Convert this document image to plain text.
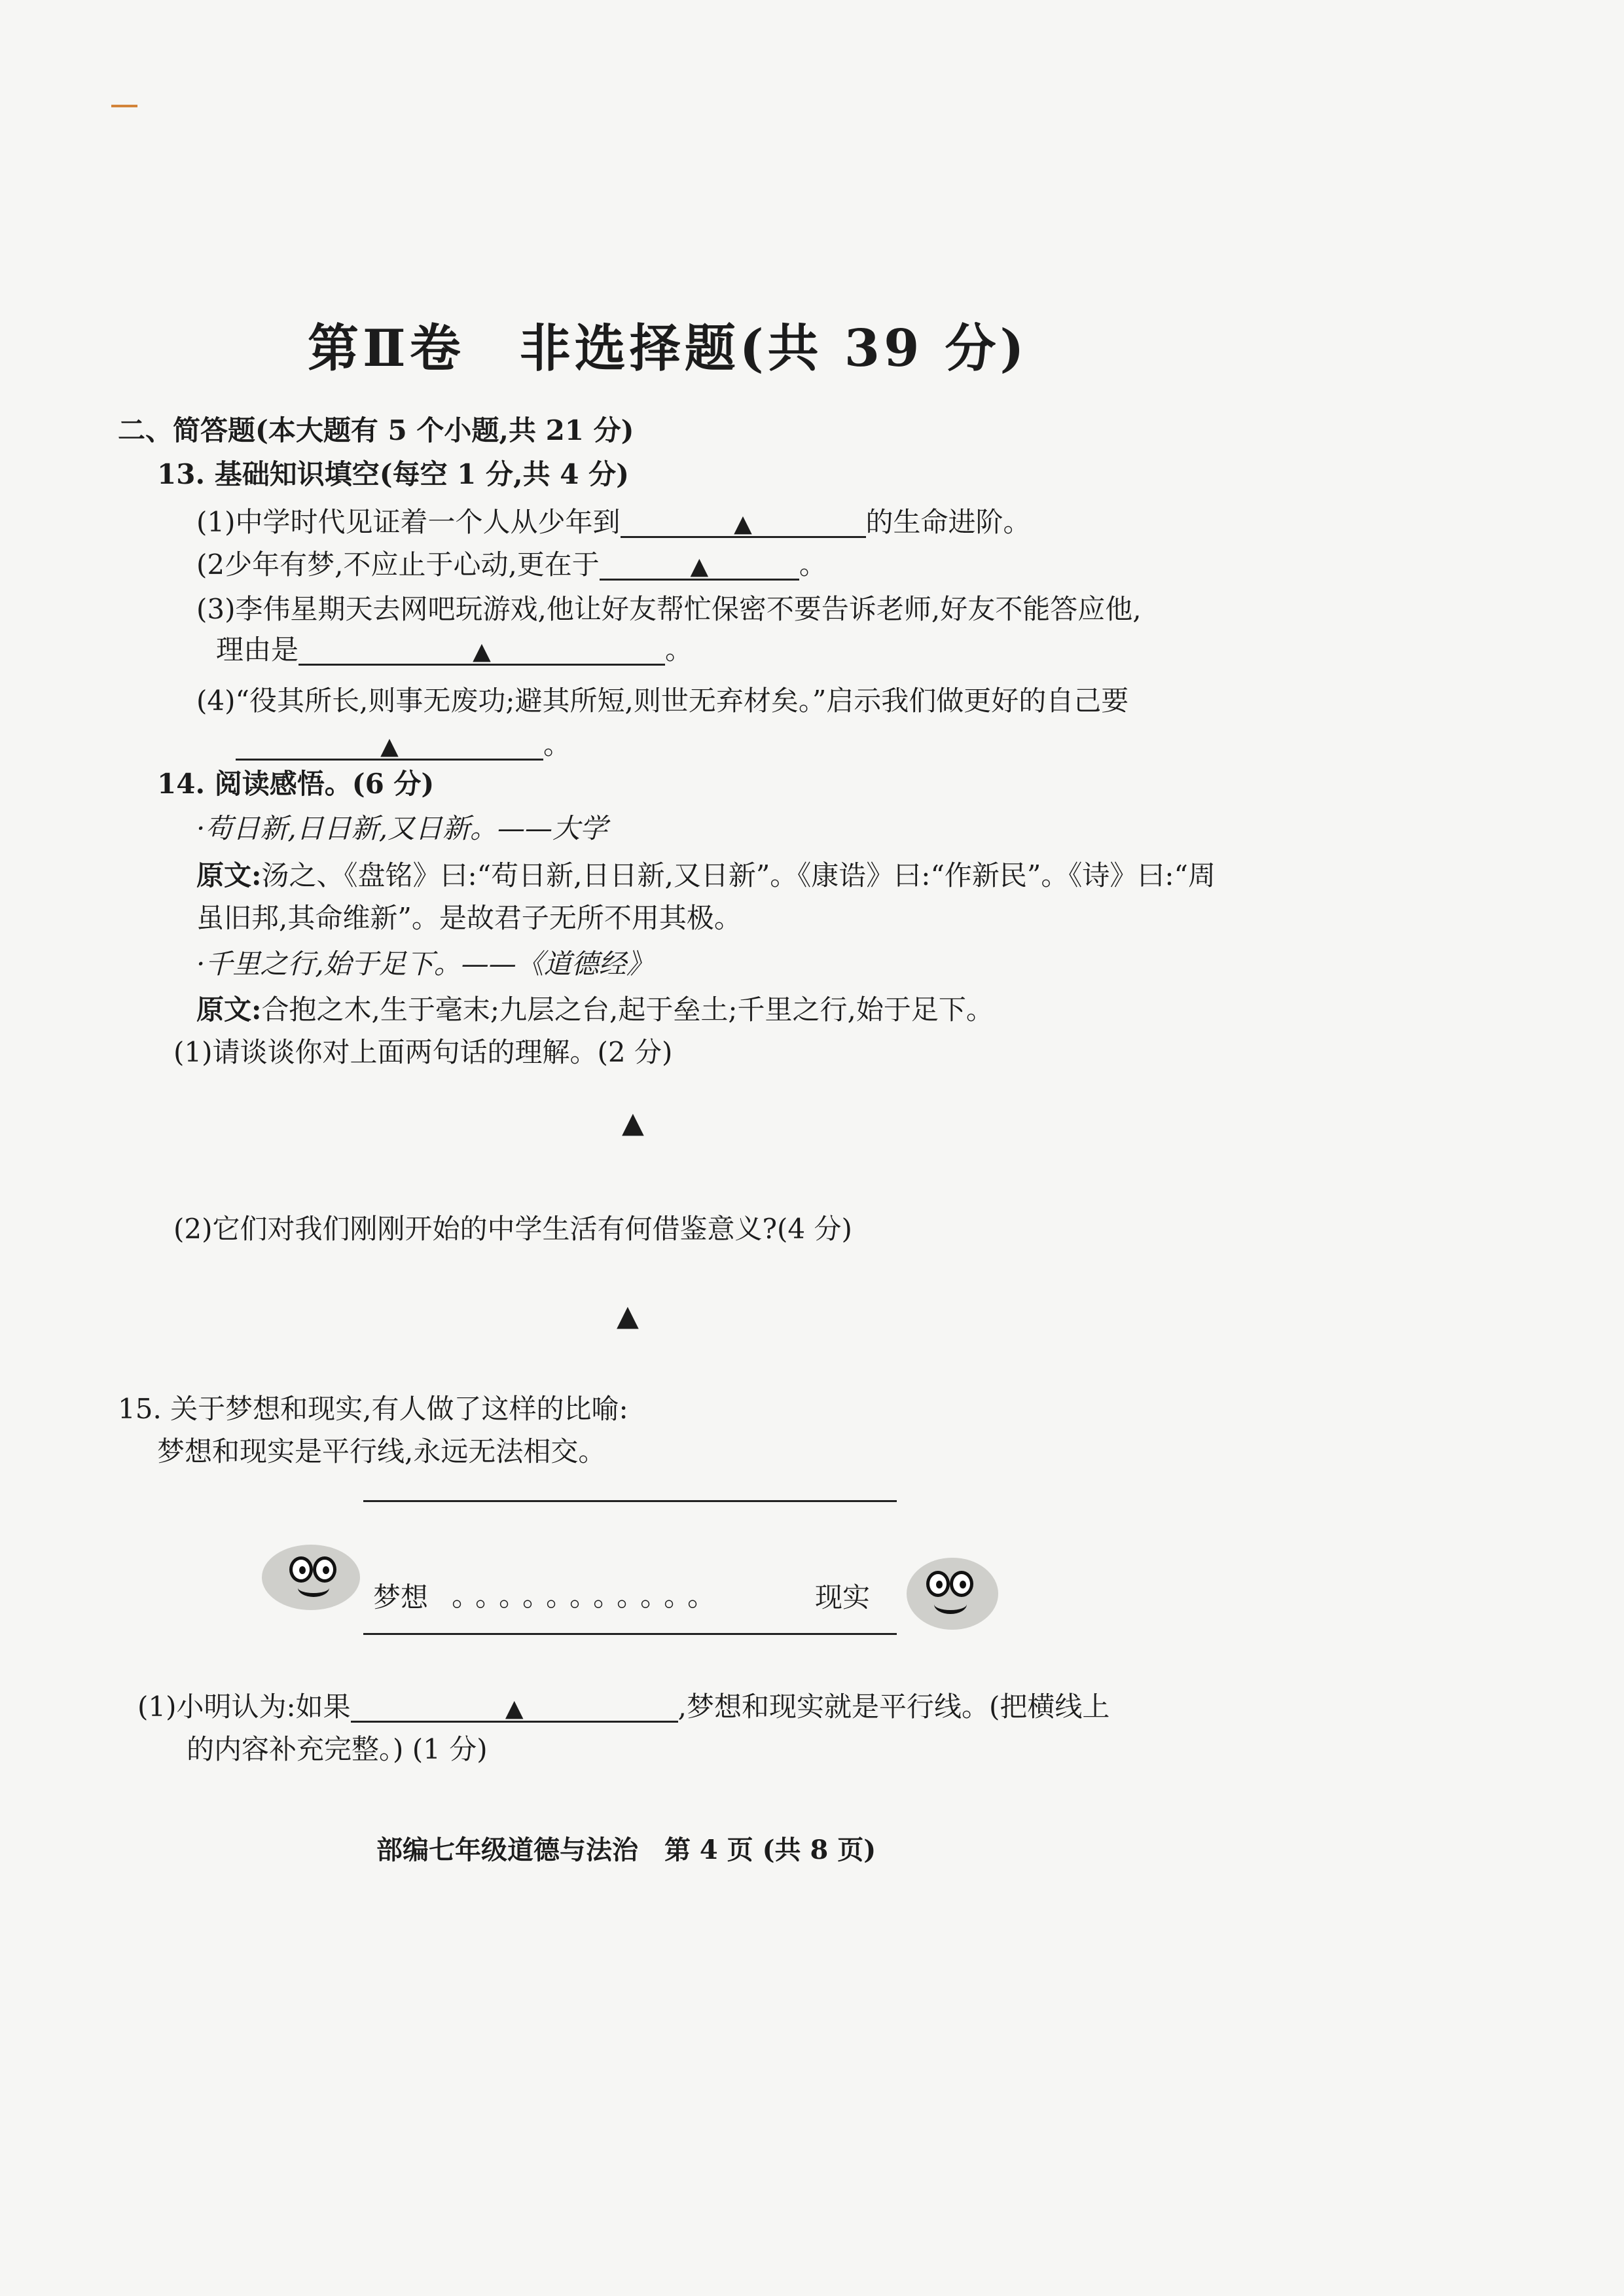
第Ⅱ卷　非选择题(共 39 分)
二、简答题(本大题有 5 个小题,共 21 分)
13. 基础知识填空(每空 1 分,共 4 分)
(1)中学时代见证着一个人从少年到	▲	的生命进阶。
(2少年有梦,不应止于心动,更在于	▲	。
(3)李伟星期天去网吧玩游戏,他让好友帮忙保密不要告诉老师,好友不能答应他,
理由是	▲	。
(4)“役其所长,则事无废功;避其所短,则世无弃材矣。”启示我们做更好的自己要
▲	。
14. 阅读感悟。(6 分)
·苟日新,日日新,又日新。——大学
原文:汤之、《盘铭》曰:“苟日新,日日新,又日新”。《康诰》曰:“作新民”。《诗》曰:“周
虽旧邦,其命维新”。是故君子无所不用其极。
·千里之行,始于足下。——《道德经》
原文:合抱之木,生于毫末;九层之台,起于垒土;千里之行,始于足下。
(1)请谈谈你对上面两句话的理解。(2 分)
▲
(2)它们对我们刚刚开始的中学生活有何借鉴意义?(4 分)
▲
15. 关于梦想和现实,有人做了这样的比喻:
梦想和现实是平行线,永远无法相交。
梦想 。。。。。。。。。。。	现实
(1)小明认为:如果	▲	,梦想和现实就是平行线。(把横线上
的内容补充完整。) (1 分)
部编七年级道德与法治　第 4 页 (共 8 页)
